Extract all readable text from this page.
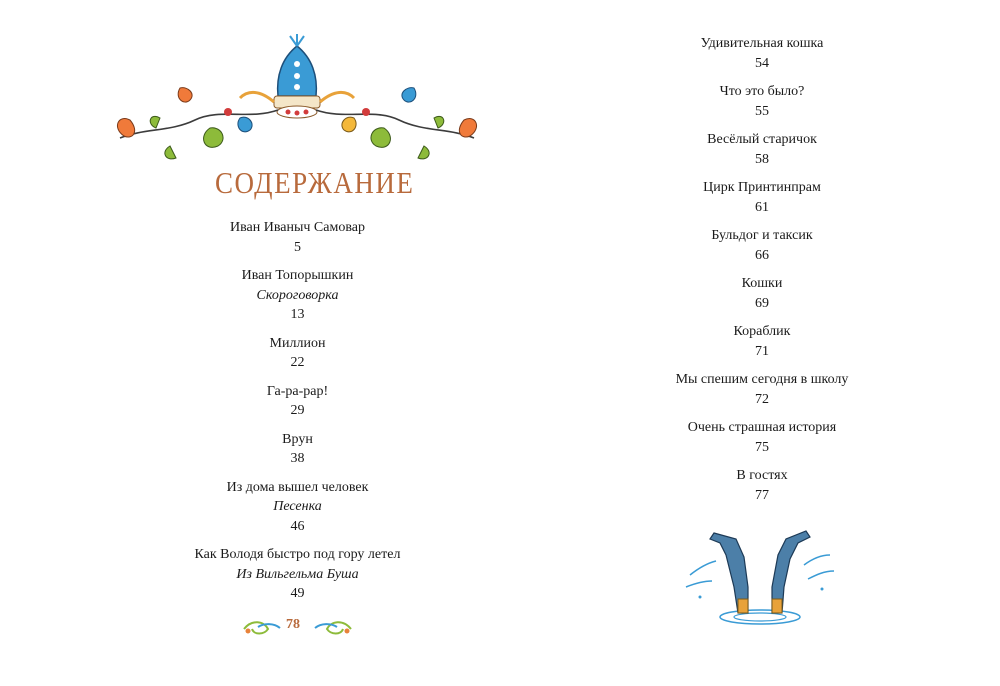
СОДЕРЖАНИЕ
Иван Иваныч Самовар
5
Иван Топорышкин
Скороговорка
13
Миллион
22
Га-ра-рар!
29
Врун
38
Из дома вышел человек
Песенка
46
Как Володя быстро под гору летел
Из Вильгельма Буша
49
78
Удивительная кошка
54
Что это было?
55
Весёлый старичок
58
Цирк Принтинпрам
61
Бульдог и таксик
66
Кошки
69
Кораблик
71
Мы спешим сегодня в школу
72
Очень страшная история
75
В гостях
77
